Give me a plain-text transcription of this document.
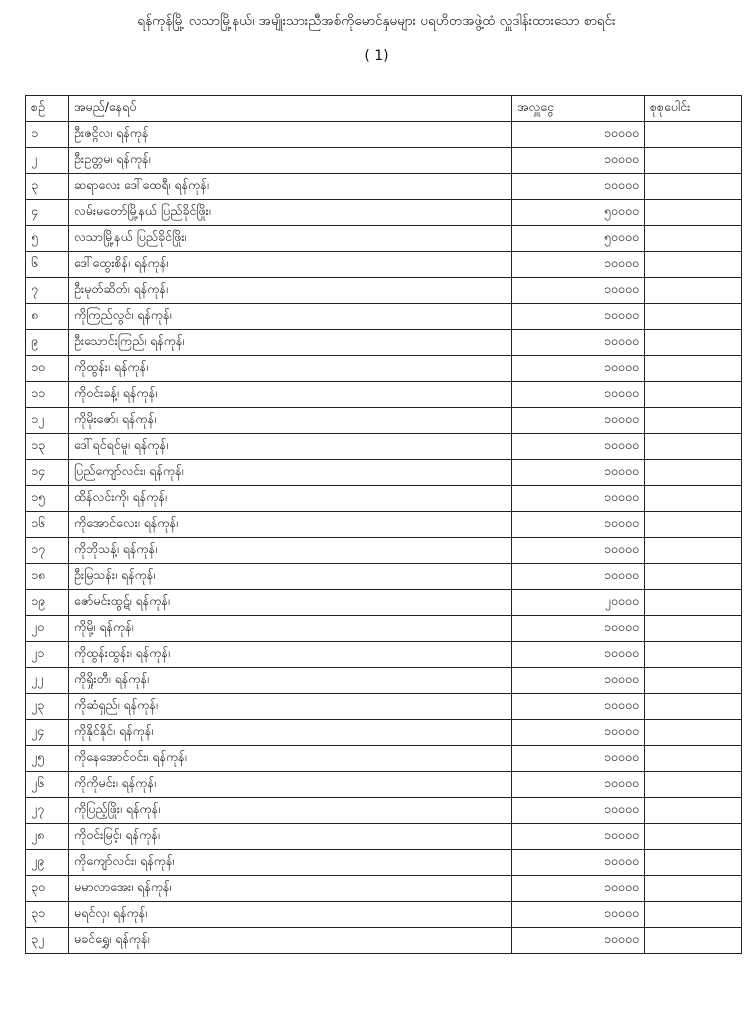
ရန်ကုန်မြို့ လသာမြို့နယ်၊ အမျိုးသားညီအစ်ကိုမောင်နှမများ ပရဟိတအဖွဲ့ထံ လှူဒါန်းထားသော စာရင်း
( 1)
စဉ်	အမည်/နေရပ်	အလှူငွေ	စုစုပေါင်း
၁	ဦးဇင္ဂိလ၊ ရန်ကုန်	၁၀၀၀၀	
၂	ဦးဥတ္တမ၊ ရန်ကုန်၊	၁၀၀၀၀	
၃	ဆရာလေး ဒေါ်ထေရီ၊ ရန်ကုန်၊	၁၀၀၀၀	
၄	လမ်းမတော်မြို့နယ် ပြည်ခိုင်ဖြိုး၊	၅၀၀၀၀	
၅	လသာမြို့နယ် ပြည်ခိုင်ဖြိုး၊	၅၀၀၀၀	
၆	ဒေါ်ထွေးစိန်၊ ရန်ကုန်၊	၁၀၀၀၀	
၇	ဦးမုတ်ဆိတ်၊ ရန်ကုန်၊	၁၀၀၀၀	
၈	ကိုကြည်လွင်၊ ရန်ကုန်၊	၁၀၀၀၀	
၉	ဦးသောင်းကြည်၊ ရန်ကုန်၊	၁၀၀၀၀	
၁၀	ကိုထွန်း၊ ရန်ကုန်၊	၁၀၀၀၀	
၁၁	ကိုဝင်းခန့်၊ ရန်ကုန်၊	၁၀၀၀၀	
၁၂	ကိုမိုးဇော်၊ ရန်ကုန်၊	၁၀၀၀၀	
၁၃	ဒေါ်ရင်ရင်မူ၊ ရန်ကုန်၊	၁၀၀၀၀	
၁၄	ပြည်ကျော်လင်း၊ ရန်ကုန်၊	၁၀၀၀၀	
၁၅	ထိန်လင်းကို၊ ရန်ကုန်၊	၁၀၀၀၀	
၁၆	ကိုအောင်လေး၊ ရန်ကုန်၊	၁၀၀၀၀	
၁၇	ကိုဘိုသန့်၊ ရန်ကုန်၊	၁၀၀၀၀	
၁၈	ဦးမြသန်း၊ ရန်ကုန်၊	၁၀၀၀၀	
၁၉	ဇော်မင်းထွဋ်၊ ရန်ကုန်၊	၂၀၀၀၀	
၂၀	ကိုမို့၊ ရန်ကုန်၊	၁၀၀၀၀	
၂၁	ကိုထွန်းထွန်း၊ ရန်ကုန်၊	၁၀၀၀၀	
၂၂	ကိုရှိုးတီ၊ ရန်ကုန်၊	၁၀၀၀၀	
၂၃	ကိုဆံရှည်၊ ရန်ကုန်၊	၁၀၀၀၀	
၂၄	ကိုနိုင်နိုင်၊ ရန်ကုန်၊	၁၀၀၀၀	
၂၅	ကိုနေအောင်ဝင်း၊ ရန်ကုန်၊	၁၀၀၀၀	
၂၆	ကိုကိုမင်း၊ ရန်ကုန်၊	၁၀၀၀၀	
၂၇	ကိုပြည့်ဖြိုး၊ ရန်ကုန်၊	၁၀၀၀၀	
၂၈	ကိုဝင်းမြင့်၊ ရန်ကုန်၊	၁၀၀၀၀	
၂၉	ကိုကျော်လင်း၊ ရန်ကုန်၊	၁၀၀၀၀	
၃၀	မမာလာအေး၊ ရန်ကုန်၊	၁၀၀၀၀	
၃၁	မရင်လှ၊ ရန်ကုန်၊	၁၀၀၀၀	
၃၂	မခင်ရွှေ၊ ရန်ကုန်၊	၁၀၀၀၀	
